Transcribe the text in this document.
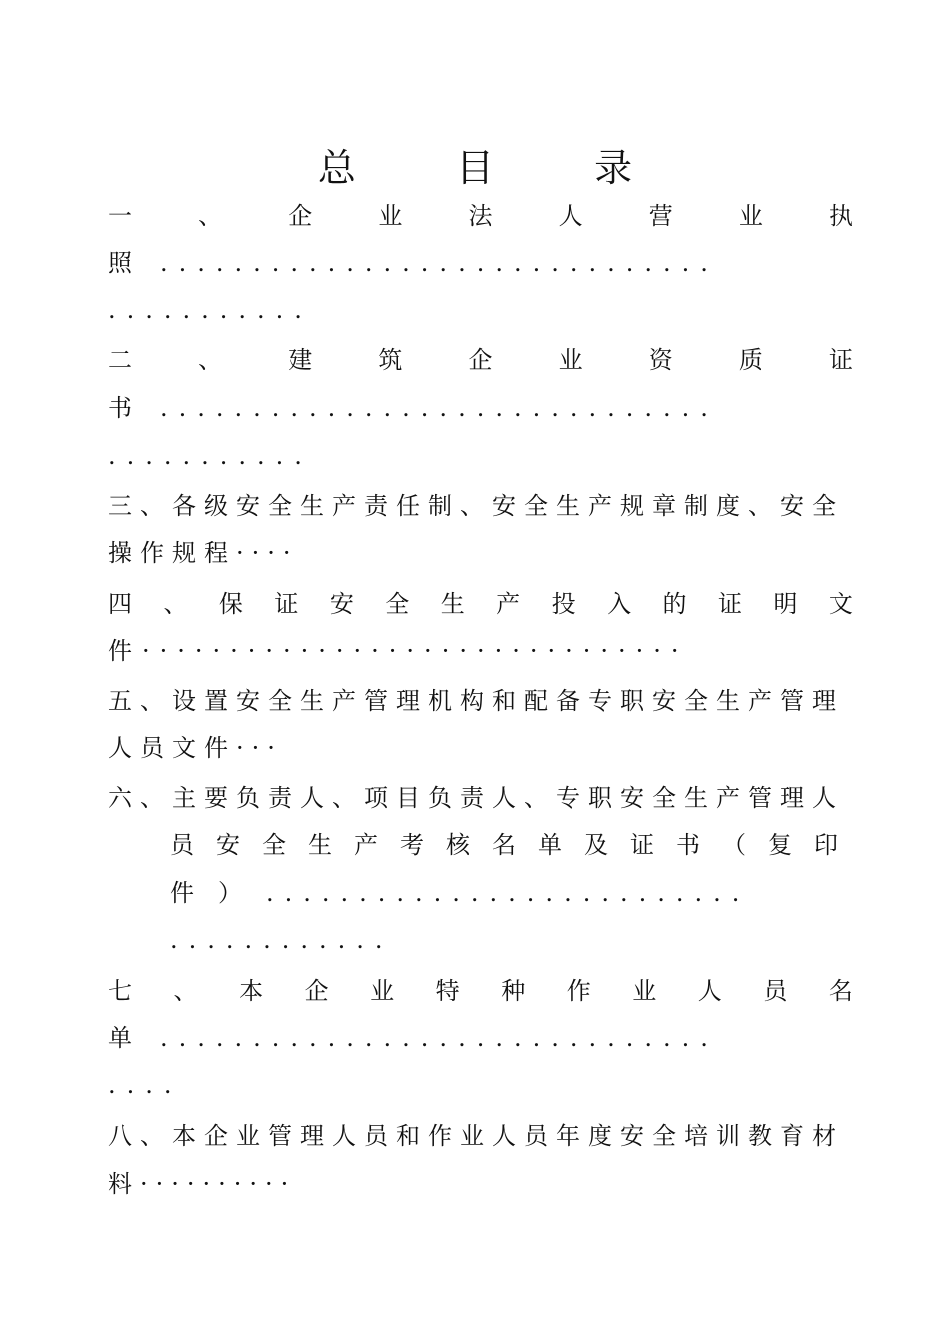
总 目 录
一	、	企	业	法	人	营	业	执
照 ..............................
...........
二	、	建	筑	企	业	资	质	证
书 ..............................
...........
三、各级安全生产责任制、安全生产规章制度、安全
操作规程····
四 、 保 证 安 全 生 产 投 入 的 证 明 文
件·······························
五、设置安全生产管理机构和配备专职安全生产管理
人员文件···
六、主要负责人、项目负责人、专职安全生产管理人
员 安 全 生 产 考 核 名 单 及 证 书 （ 复 印
件）..........................
............
七 、 本 企 业 特 种 作 业 人 员 名
单 ..............................
....
八、本企业管理人员和作业人员年度安全培训教育材
料··········
